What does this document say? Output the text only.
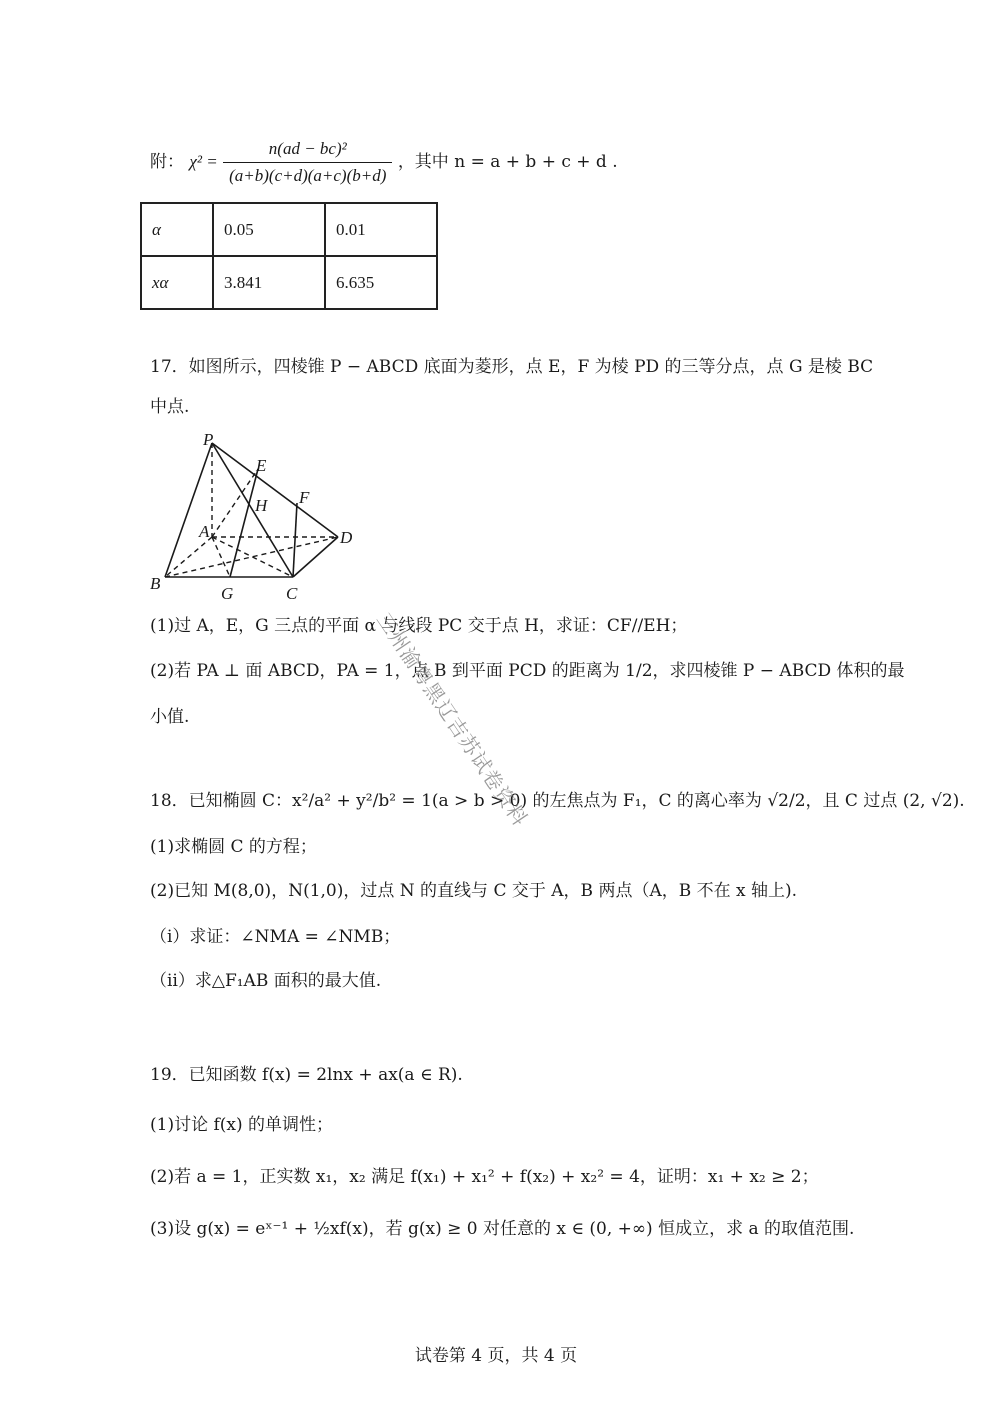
附： $\chi^2 = \frac{\text{n(ad − bc)²}}{(a+b)(c+d)(a+c)(b+d)}$ ，其中 n = a + b + c + d .
α	0.05	0.01
xα	3.841	6.635
17．如图所示，四棱锥 P − ABCD 底面为菱形，点 E，F 为棱 PD 的三等分点，点 G 是棱 BC
中点.
P
E
H F
A	D
B
G	C
(1)过 A，E，G 三点的平面 α 与线段 PC 交于点 H，求证：CF//EH；
(2)若 PA ⊥ 面 ABCD，PA = 1，点 B 到平面 PCD 的距离为 1/2，求四棱锥 P − ABCD 体积的最
小值.
18．已知椭圆 C：x²/a² + y²/b² = 1(a > b > 0) 的左焦点为 F₁，C 的离心率为 √2/2，且 C 过点 (2, √2).
(1)求椭圆 C 的方程；
(2)已知 M(8,0)，N(1,0)，过点 N 的直线与 C 交于 A，B 两点（A，B 不在 x 轴上).
（ⅰ）求证：∠NMA = ∠NMB；
（ⅱ）求△F₁AB 面积的最大值.
19．已知函数 f(x) = 2lnx + ax(a ∈ R).
(1)讨论 f(x) 的单调性；
(2)若 a = 1，正实数 x₁，x₂ 满足 f(x₁) + x₁² + f(x₂) + x₂² = 4，证明：x₁ + x₂ ≥ 2；
(3)设 g(x) = eˣ⁻¹ + ½xf(x)，若 g(x) ≥ 0 对任意的 x ∈ (0, +∞) 恒成立，求 a 的取值范围.
三州渝粤黑辽吉苏试卷资料
试卷第 4 页，共 4 页
